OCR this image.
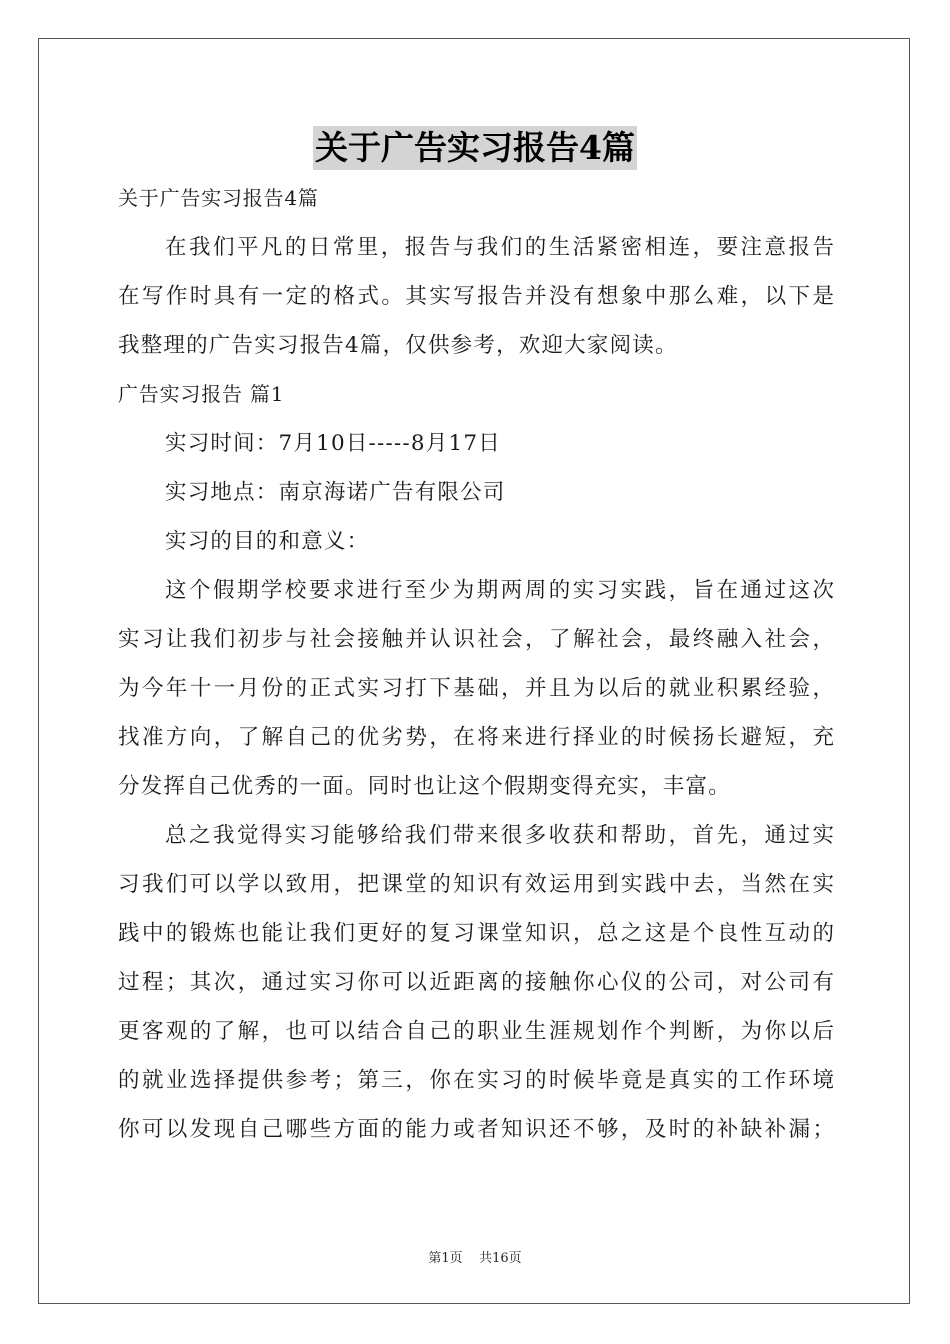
关于广告实习报告4篇
关于广告实习报告4篇
在我们平凡的日常里，报告与我们的生活紧密相连，要注意报告
在写作时具有一定的格式。其实写报告并没有想象中那么难，以下是
我整理的广告实习报告4篇，仅供参考，欢迎大家阅读。
广告实习报告 篇1
实习时间：7月10日-----8月17日
实习地点：南京海诺广告有限公司
实习的目的和意义：
这个假期学校要求进行至少为期两周的实习实践，旨在通过这次
实习让我们初步与社会接触并认识社会，了解社会，最终融入社会，
为今年十一月份的正式实习打下基础，并且为以后的就业积累经验，
找准方向，了解自己的优劣势，在将来进行择业的时候扬长避短，充
分发挥自己优秀的一面。同时也让这个假期变得充实，丰富。
总之我觉得实习能够给我们带来很多收获和帮助，首先，通过实
习我们可以学以致用，把课堂的知识有效运用到实践中去，当然在实
践中的锻炼也能让我们更好的复习课堂知识，总之这是个良性互动的
过程；其次，通过实习你可以近距离的接触你心仪的公司，对公司有
更客观的了解，也可以结合自己的职业生涯规划作个判断，为你以后
的就业选择提供参考；第三，你在实习的时候毕竟是真实的工作环境
你可以发现自己哪些方面的能力或者知识还不够，及时的补缺补漏；
第1页 共16页
